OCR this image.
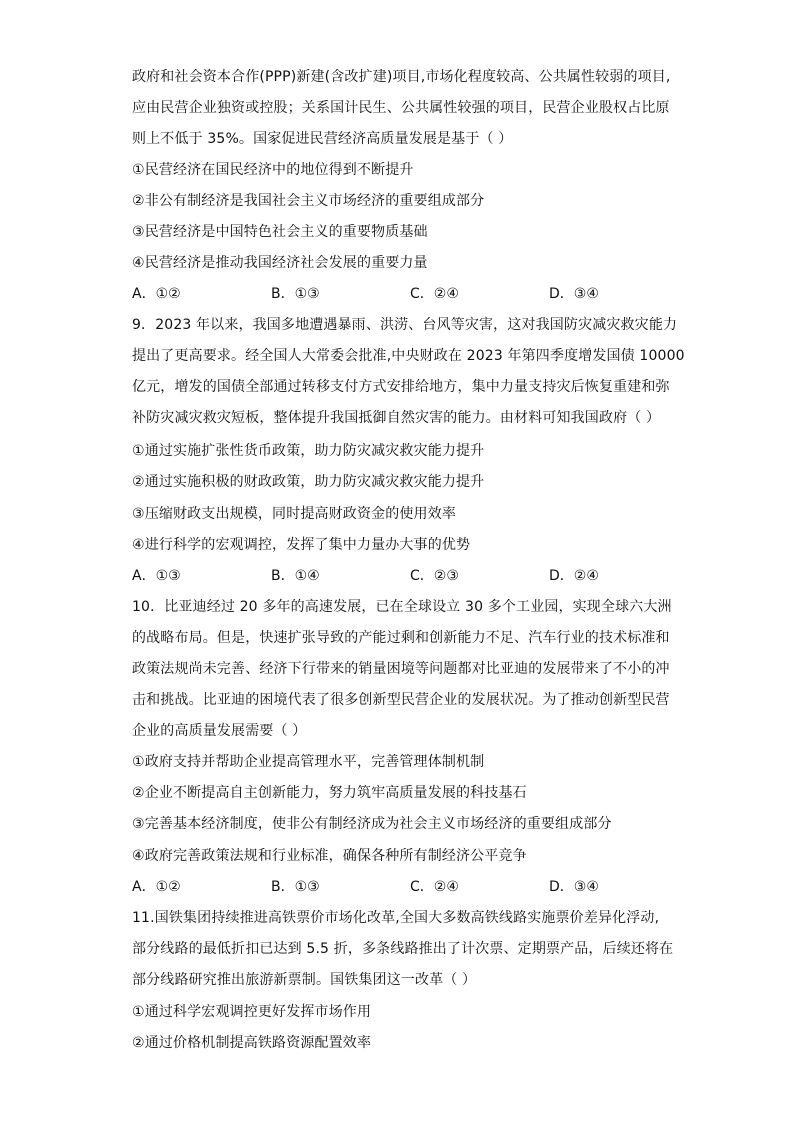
政府和社会资本合作(PPP)新建(含改扩建)项目,市场化程度较高、公共属性较弱的项目,
应由民营企业独资或控股；关系国计民生、公共属性较强的项目，民营企业股权占比原
则上不低于 35%。国家促进民营经济高质量发展是基于（ ）
①民营经济在国民经济中的地位得到不断提升
②非公有制经济是我国社会主义市场经济的重要组成部分
③民营经济是中国特色社会主义的重要物质基础
④民营经济是推动我国经济社会发展的重要力量
A．①②	B．①③	C．②④	D．③④
9．2023 年以来，我国多地遭遇暴雨、洪涝、台风等灾害，这对我国防灾减灾救灾能力
提出了更高要求。经全国人大常委会批准,中央财政在 2023 年第四季度增发国债 10000
亿元，增发的国债全部通过转移支付方式安排给地方，集中力量支持灾后恢复重建和弥
补防灾减灾救灾短板，整体提升我国抵御自然灾害的能力。由材料可知我国政府（ ）
①通过实施扩张性货币政策，助力防灾减灾救灾能力提升
②通过实施积极的财政政策，助力防灾减灾救灾能力提升
③压缩财政支出规模，同时提高财政资金的使用效率
④进行科学的宏观调控，发挥了集中力量办大事的优势
A．①③	B．①④	C．②③	D．②④
10．比亚迪经过 20 多年的高速发展，已在全球设立 30 多个工业园，实现全球六大洲
的战略布局。但是，快速扩张导致的产能过剩和创新能力不足、汽车行业的技术标准和
政策法规尚未完善、经济下行带来的销量困境等问题都对比亚迪的发展带来了不小的冲
击和挑战。比亚迪的困境代表了很多创新型民营企业的发展状况。为了推动创新型民营
企业的高质量发展需要（ ）
①政府支持并帮助企业提高管理水平，完善管理体制机制
②企业不断提高自主创新能力，努力筑牢高质量发展的科技基石
③完善基本经济制度，使非公有制经济成为社会主义市场经济的重要组成部分
④政府完善政策法规和行业标准，确保各种所有制经济公平竞争
A．①②	B．①③	C．②④	D．③④
11.国铁集团持续推进高铁票价市场化改革,全国大多数高铁线路实施票价差异化浮动,
部分线路的最低折扣已达到 5.5 折，多条线路推出了计次票、定期票产品，后续还将在
部分线路研究推出旅游新票制。国铁集团这一改革（ ）
①通过科学宏观调控更好发挥市场作用
②通过价格机制提高铁路资源配置效率
